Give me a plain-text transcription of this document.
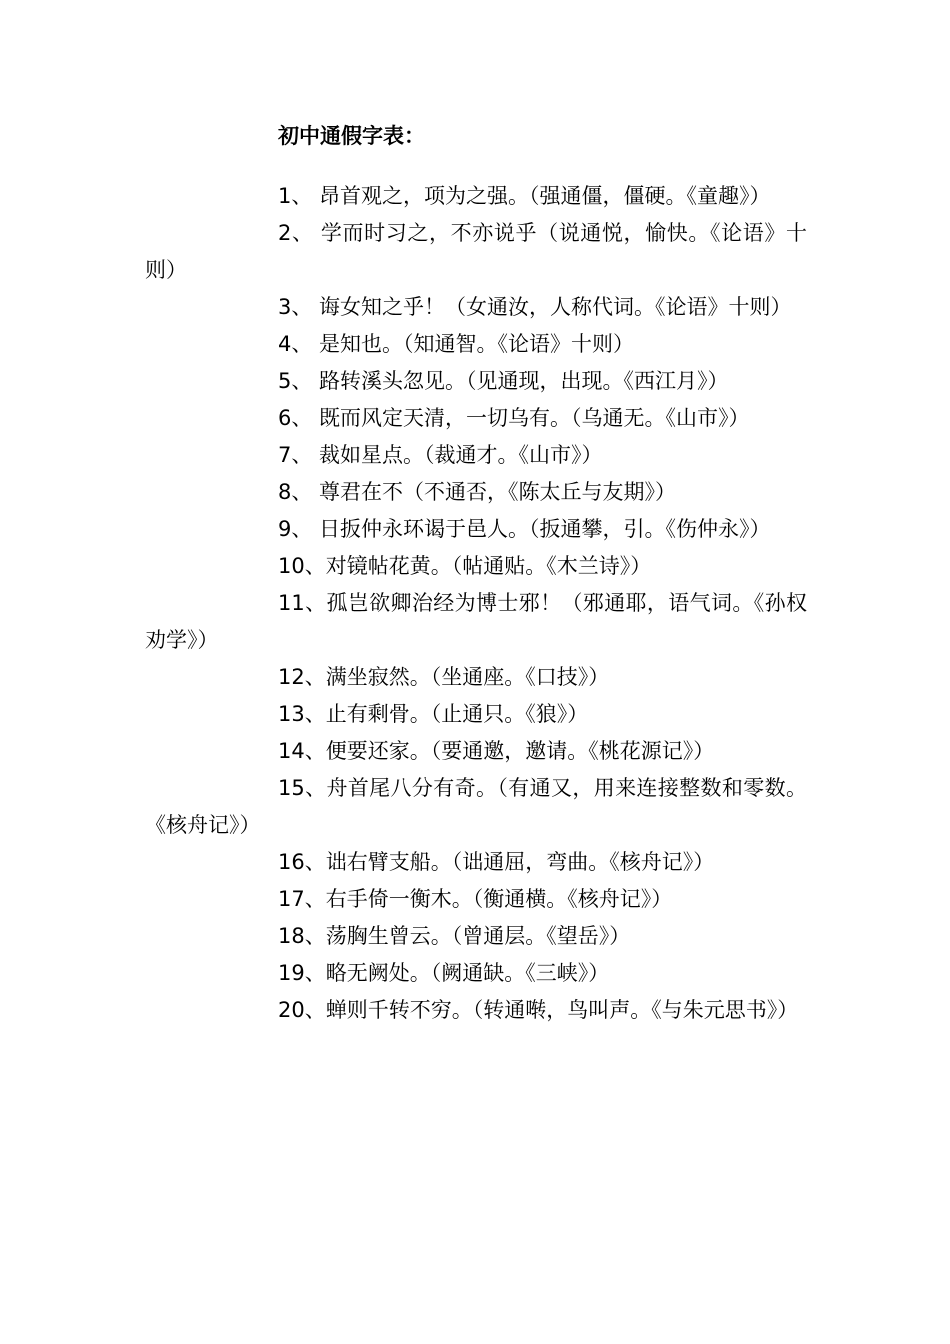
初中通假字表：
1、 昂首观之，项为之强。（强通僵，僵硬。《童趣》）
2、 学而时习之，不亦说乎（说通悦，愉快。《论语》十则）
3、 诲女知之乎！（女通汝，人称代词。《论语》十则）
4、 是知也。（知通智。《论语》十则）
5、 路转溪头忽见。（见通现，出现。《西江月》）
6、 既而风定天清，一切乌有。（乌通无。《山市》）
7、 裁如星点。（裁通才。《山市》）
8、 尊君在不（不通否，《陈太丘与友期》）
9、 日扳仲永环谒于邑人。（扳通攀，引。《伤仲永》）
10、对镜帖花黄。（帖通贴。《木兰诗》）
11、孤岂欲卿治经为博士邪！（邪通耶，语气词。《孙权劝学》）
12、满坐寂然。（坐通座。《口技》）
13、止有剩骨。（止通只。《狼》）
14、便要还家。（要通邀，邀请。《桃花源记》）
15、舟首尾八分有奇。（有通又，用来连接整数和零数。《核舟记》）
16、诎右臂支船。（诎通屈，弯曲。《核舟记》）
17、右手倚一衡木。（衡通横。《核舟记》）
18、荡胸生曾云。（曾通层。《望岳》）
19、略无阙处。（阙通缺。《三峡》）
20、蝉则千转不穷。（转通啭，鸟叫声。《与朱元思书》）
